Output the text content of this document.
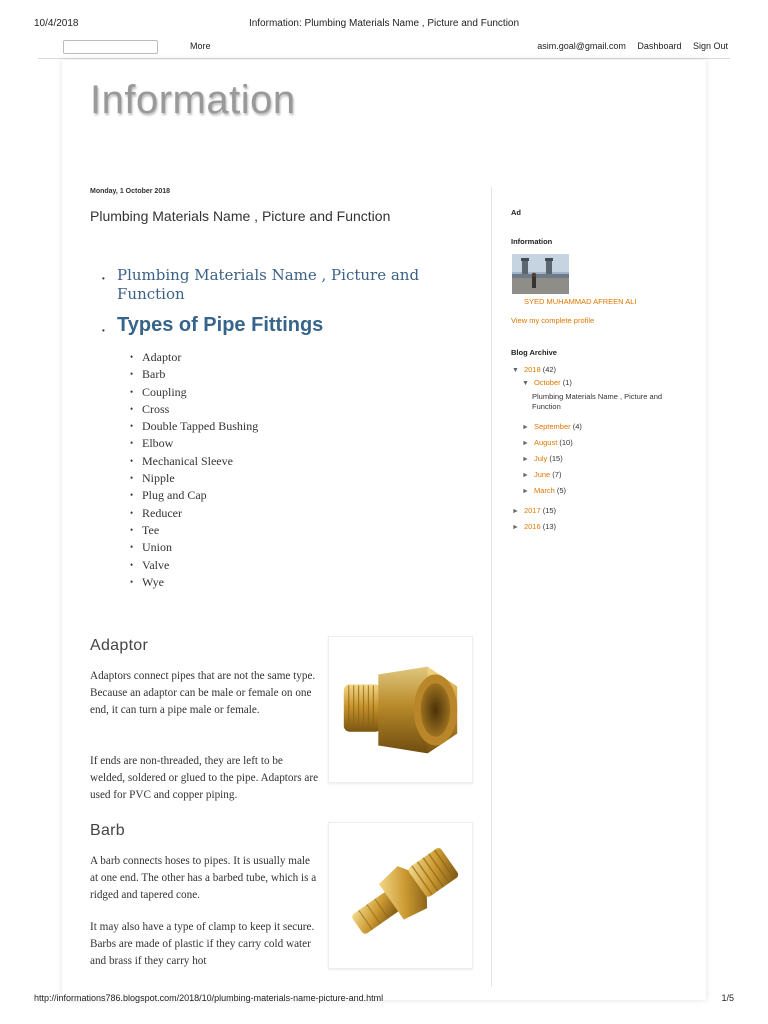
10/4/2018	Information: Plumbing Materials Name , Picture and Function
More	asim.goal@gmail.com Dashboard Sign Out
Information
Monday, 1 October 2018
Plumbing Materials Name , Picture and Function
• Plumbing Materials Name , Picture and Function
• Types of Pipe Fittings
• Adaptor
• Barb
• Coupling
• Cross
• Double Tapped Bushing
• Elbow
• Mechanical Sleeve
• Nipple
• Plug and Cap
• Reducer
• Tee
• Union
• Valve
• Wye
Adaptor

Adaptors connect pipes that are not the same type. Because an adaptor can be male or female on one end, it can turn a pipe male or female.

If ends are non-threaded, they are left to be welded, soldered or glued to the pipe. Adaptors are used for PVC and copper piping.

Barb

A barb connects hoses to pipes. It is usually male at one end. The other has a barbed tube, which is a ridged and tapered cone.

It may also have a type of clamp to keep it secure. Barbs are made of plastic if they carry cold water and brass if they carry hot

Ad
Information
SYED MUHAMMAD AFREEN ALI
View my complete profile
Blog Archive
▼ 2018 (42)
▼ October (1)
Plumbing Materials Name , Picture and Function
► September (4)
► August (10)
► July (15)
► June (7)
► March (5)
► 2017 (15)
► 2016 (13)
http://informations786.blogspot.com/2018/10/plumbing-materials-name-picture-and.html	1/5
